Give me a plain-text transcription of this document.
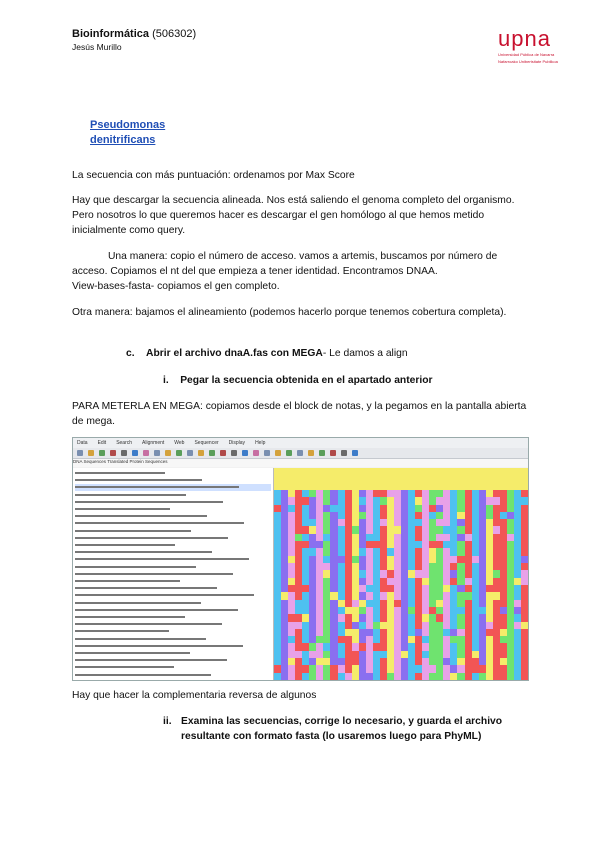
Bioinformática (506302)
Jesús Murillo	upna
Universidad Pública de Navarra
Nafarroako Unibertsitate Publikoa
Pseudomonas
denitrificans
La secuencia con más puntuación: ordenamos por Max Score
Hay que descargar la secuencia alineada. Nos está saliendo el genoma completo del organismo. Pero nosotros lo que queremos hacer es descargar el gen homólogo al que hemos metido inicialmente como query.
Una manera: copio el número de acceso. vamos a artemis, buscamos por número de acceso. Copiamos el nt del que empieza a tener identidad. Encontramos DNAA.
View-bases-fasta- copiamos el gen completo.
Otra manera: bajamos el alineamiento (podemos hacerlo porque tenemos cobertura completa).
c. Abrir el archivo dnaA.fas con MEGA- Le damos a align
i. Pegar la secuencia obtenida en el apartado anterior
PARA METERLA EN MEGA: copiamos desde el block de notas, y la pegamos en la pantalla abierta de mega.
Data Edit Search Alignment Web Sequencer Display Help
DNA Sequences Translated Protein Sequences
Hay que hacer la complementaria reversa de algunos
ii. Examina las secuencias, corrige lo necesario, y guarda el archivo resultante con formato fasta (lo usaremos luego para PhyML)
